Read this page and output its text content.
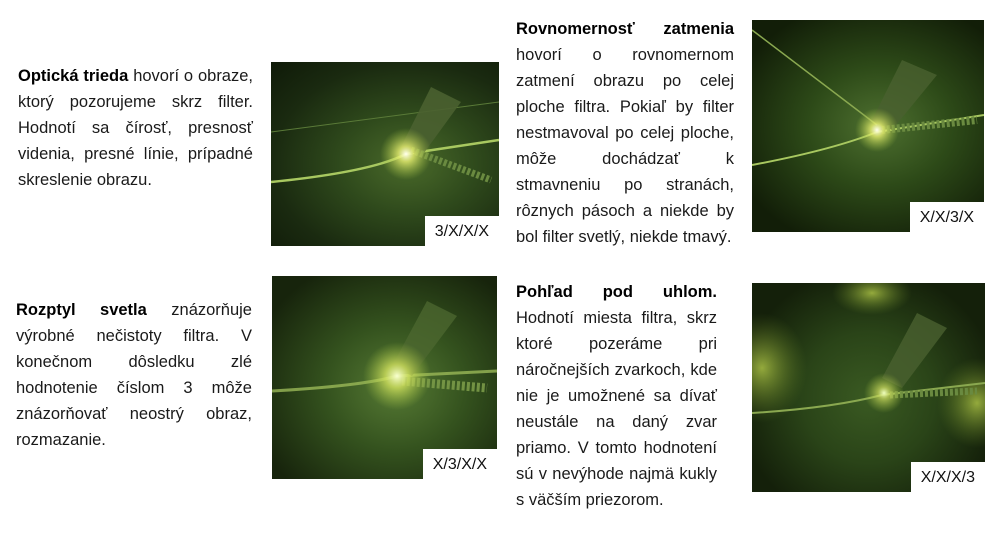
Optická trieda hovorí o obraze, ktorý pozorujeme skrz filter. Hodnotí sa čírosť, presnosť videnia, presné línie, prípadné skreslenie obrazu.
3/X/X/X
Rovnomernosť zatmenia hovorí o rovnomernom zatmení obrazu po celej ploche filtra. Pokiaľ by filter nestmavoval po celej ploche, môže dochádzať k stmavneniu po stranách, rôznych pásoch a niekde by bol filter svetlý, niekde tmavý.
X/X/3/X
Rozptyl svetla znázorňuje výrobné nečistoty filtra. V konečnom dôsledku zlé hodnotenie číslom 3 môže znázorňovať neostrý obraz, rozmazanie.
X/3/X/X
Pohľad pod uhlom. Hodnotí miesta filtra, skrz ktoré pozeráme pri náročnejších zvarkoch, kde nie je umožnené sa dívať neustále na daný zvar priamo. V tomto hodnotení sú v nevýhode najmä kukly s väčším priezorom.
X/X/X/3
